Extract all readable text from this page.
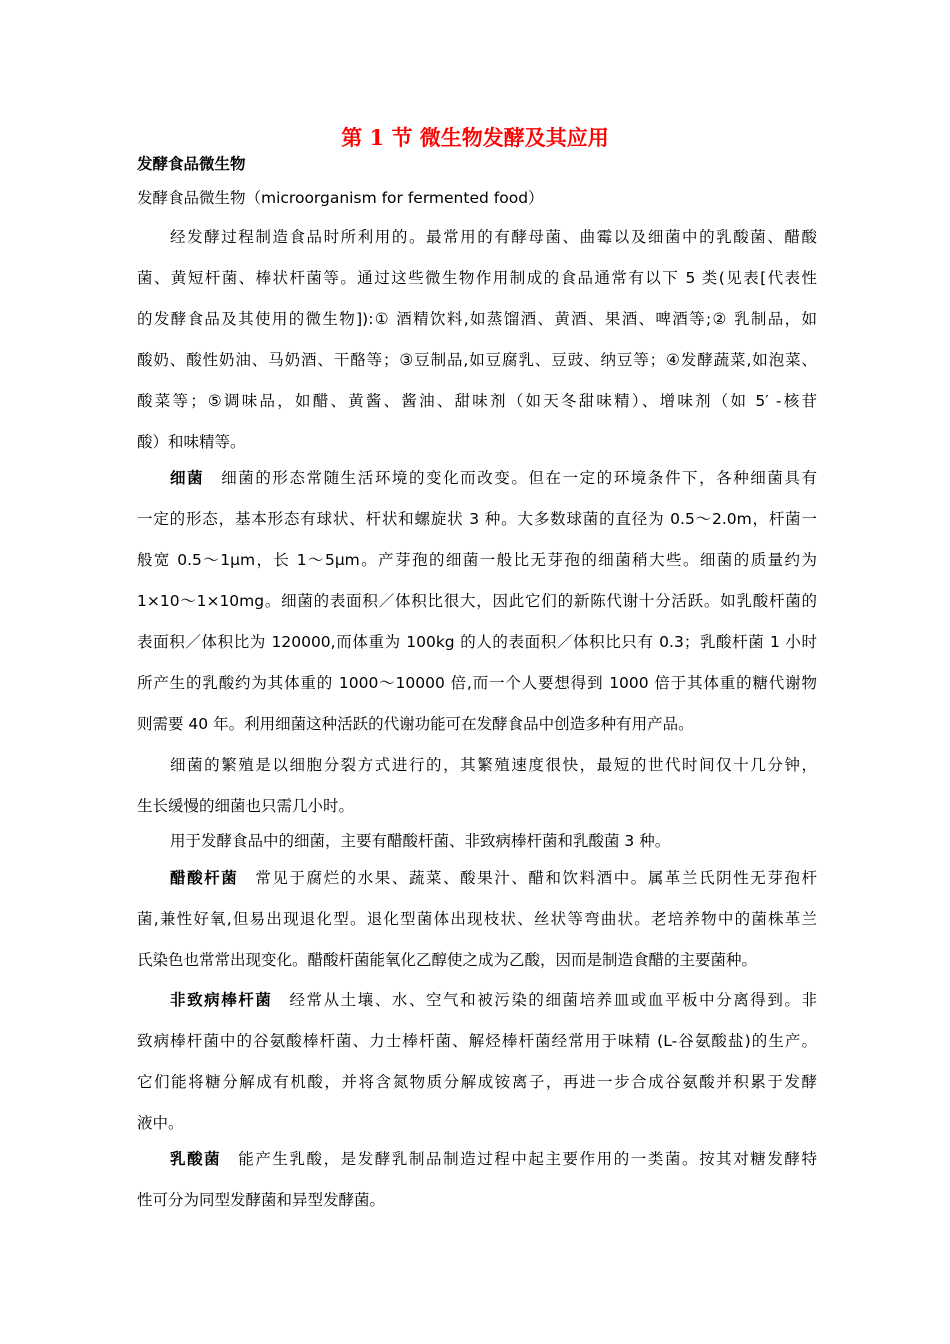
第 1 节 微生物发酵及其应用
发酵食品微生物
发酵食品微生物（microorganism for fermented food）
经发酵过程制造食品时所利用的。最常用的有酵母菌、曲霉以及细菌中的乳酸菌、醋酸
菌、黄短杆菌、棒状杆菌等。通过这些微生物作用制成的食品通常有以下 5 类(见表[代表性
的发酵食品及其使用的微生物]):① 酒精饮料,如蒸馏酒、黄酒、果酒、啤酒等;② 乳制品，如
酸奶、酸性奶油、马奶酒、干酪等；③豆制品,如豆腐乳、豆豉、纳豆等；④发酵蔬菜,如泡菜、
酸菜等；⑤调味品，如醋、黄酱、酱油、甜味剂（如天冬甜味精）、增味剂（如 5′ -核苷
酸）和味精等。
细菌　 细菌的形态常随生活环境的变化而改变。但在一定的环境条件下，各种细菌具有
一定的形态，基本形态有球状、杆状和螺旋状 3 种。大多数球菌的直径为 0.5～2.0m，杆菌一
般宽 0.5～1μm，长 1～5μm。产芽孢的细菌一般比无芽孢的细菌稍大些。细菌的质量约为
1×10～1×10mg。细菌的表面积／体积比很大，因此它们的新陈代谢十分活跃。如乳酸杆菌的
表面积／体积比为 120000,而体重为 100kg 的人的表面积／体积比只有 0.3；乳酸杆菌 1 小时
所产生的乳酸约为其体重的 1000～10000 倍,而一个人要想得到 1000 倍于其体重的糖代谢物
则需要 40 年。利用细菌这种活跃的代谢功能可在发酵食品中创造多种有用产品。
细菌的繁殖是以细胞分裂方式进行的，其繁殖速度很快，最短的世代时间仅十几分钟，
生长缓慢的细菌也只需几小时。
用于发酵食品中的细菌，主要有醋酸杆菌、非致病棒杆菌和乳酸菌 3 种。
醋酸杆菌　 常见于腐烂的水果、蔬菜、酸果汁、醋和饮料酒中。属革兰氏阴性无芽孢杆
菌,兼性好氧,但易出现退化型。退化型菌体出现枝状、丝状等弯曲状。老培养物中的菌株革兰
氏染色也常常出现变化。醋酸杆菌能氧化乙醇使之成为乙酸，因而是制造食醋的主要菌种。
非致病棒杆菌　 经常从土壤、水、空气和被污染的细菌培养皿或血平板中分离得到。非
致病棒杆菌中的谷氨酸棒杆菌、力士棒杆菌、解烃棒杆菌经常用于味精 (L-谷氨酸盐)的生产。
它们能将糖分解成有机酸，并将含氮物质分解成铵离子，再进一步合成谷氨酸并积累于发酵
液中。
乳酸菌　 能产生乳酸，是发酵乳制品制造过程中起主要作用的一类菌。按其对糖发酵特
性可分为同型发酵菌和异型发酵菌。
